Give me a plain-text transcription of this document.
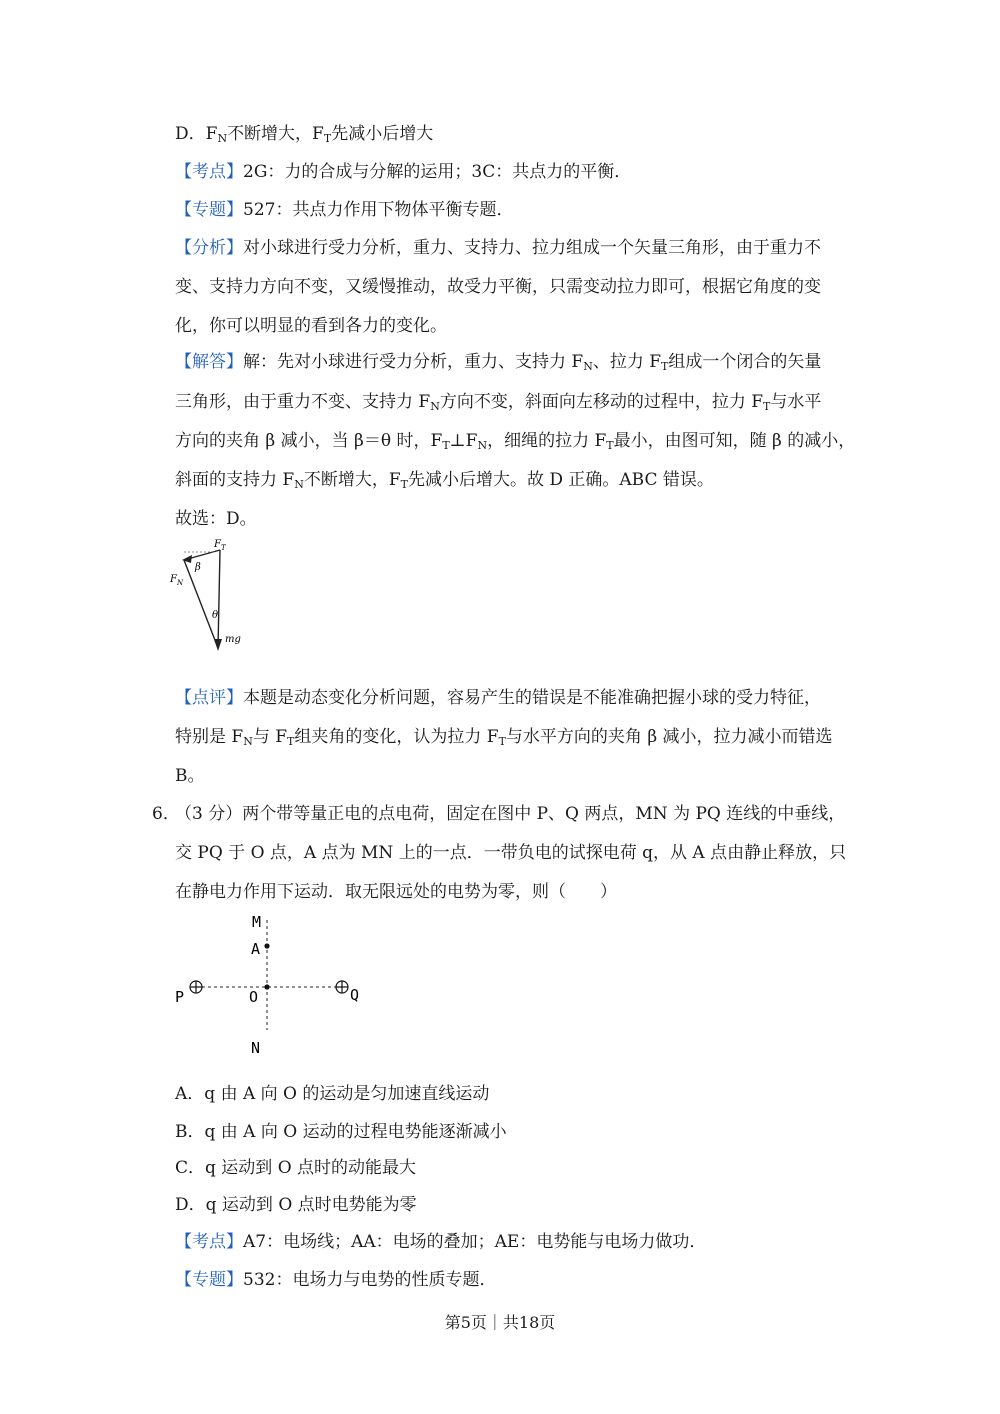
D．$F_N$不断增大，$F_T$先减小后增大
【考点】2G：力的合成与分解的运用；3C：共点力的平衡．
【专题】527：共点力作用下物体平衡专题．
【分析】对小球进行受力分析，重力、支持力、拉力组成一个矢量三角形，由于重力不
变、支持力方向不变，又缓慢推动，故受力平衡，只需变动拉力即可，根据它角度的变
化，你可以明显的看到各力的变化。
【解答】解：先对小球进行受力分析，重力、支持力 $F_N$、拉力 $F_T$组成一个闭合的矢量
三角形，由于重力不变、支持力 $F_N$方向不变，斜面向左移动的过程中，拉力 $F_T$与水平
方向的夹角 β 减小，当 β＝θ 时，$F_T\perp F_N$，细绳的拉力 $F_T$最小，由图可知，随 β 的减小，
斜面的支持力 $F_N$不断增大，$F_T$先减小后增大。故 D 正确。ABC 错误。
故选：D。
$F_T$
$F_N$
β
θ
mg
【点评】本题是动态变化分析问题，容易产生的错误是不能准确把握小球的受力特征，
特别是 $F_N$与 $F_T$组夹角的变化，认为拉力 $F_T$与水平方向的夹角 β 减小，拉力减小而错选
B。
6．
（3 分）两个带等量正电的点电荷，固定在图中 P、Q 两点，MN 为 PQ 连线的中垂线，
交 PQ 于 O 点，A 点为 MN 上的一点．一带负电的试探电荷 q，从 A 点由静止释放，只
在静电力作用下运动．取无限远处的电势为零，则（　　）
M
A
P	O	Q
N
A．q 由 A 向 O 的运动是匀加速直线运动
B．q 由 A 向 O 运动的过程电势能逐渐减小
C．q 运动到 O 点时的动能最大
D．q 运动到 O 点时电势能为零
【考点】A7：电场线；AA：电场的叠加；AE：电势能与电场力做功．
【专题】532：电场力与电势的性质专题．
第5页｜共18页
